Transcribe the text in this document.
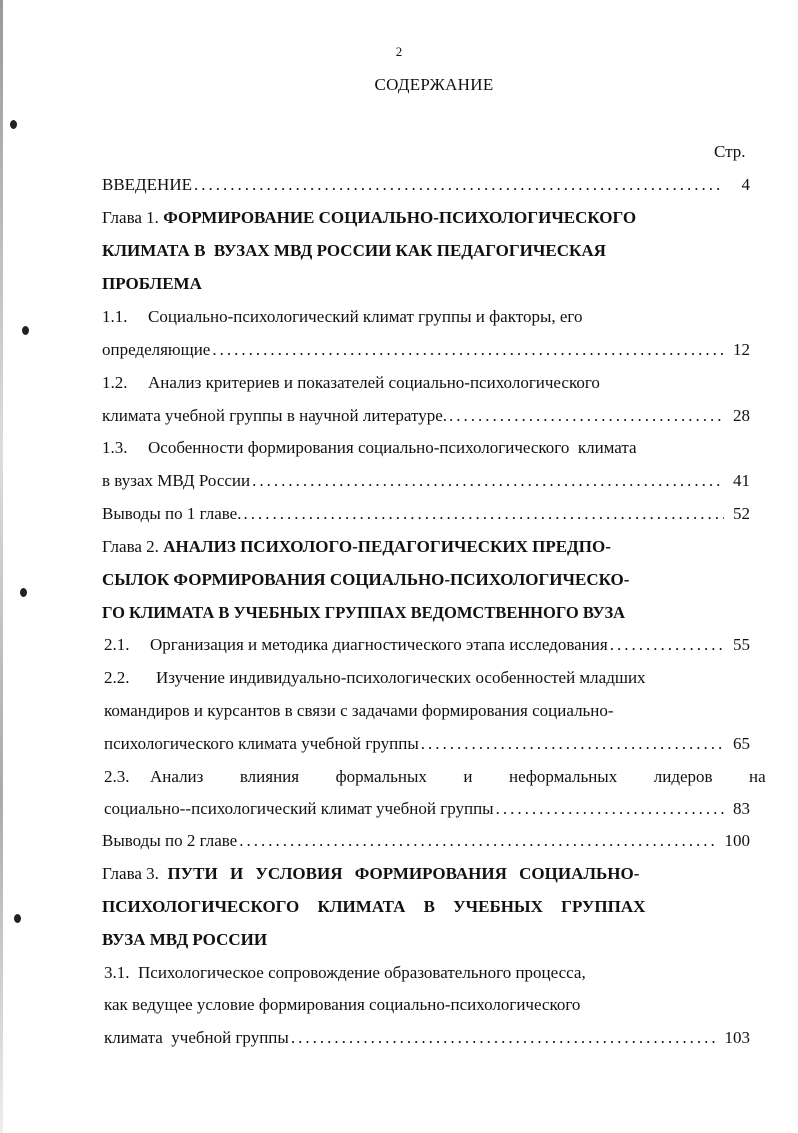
2
СОДЕРЖАНИЕ
Стр.
ВВЕДЕНИЕ .....	4
Глава 1.
ФОРМИРОВАНИЕ СОЦИАЛЬНО-ПСИХОЛОГИЧЕСКОГО
КЛИМАТА В  ВУЗАХ МВД РОССИИ КАК ПЕДАГОГИЧЕСКАЯ
ПРОБЛЕМА
1.1.	Социально-психологический климат группы и факторы, его
определяющие .....	12
1.2.	Анализ критериев и показателей социально-психологического
климата учебной группы в научной литературе. .....	28
1.3.	Особенности формирования социально-психологического  климата
в вузах МВД России .....	41
Выводы по 1 главе. .....	52
Глава 2.
АНАЛИЗ ПСИХОЛОГО-ПЕДАГОГИЧЕСКИХ ПРЕДПО-
СЫЛОК ФОРМИРОВАНИЯ СОЦИАЛЬНО-ПСИХОЛОГИЧЕСКО-
ГО КЛИМАТА В УЧЕБНЫХ ГРУППАХ ВЕДОМСТВЕННОГО ВУЗА
2.1.	Организация и методика диагностического этапа исследования .....	55
2.2.	Изучение индивидуально-психологических особенностей младших
командиров и курсантов в связи с задачами формирования социально-
психологического климата учебной группы .....	65
2.3.	Анализ  влияния  формальных  и  неформальных  лидеров  на
социально--психологический климат учебной группы .....	83
Выводы по 2 главе .....	100
Глава 3.
ПУТИ И УСЛОВИЯ ФОРМИРОВАНИЯ СОЦИАЛЬНО-
ПСИХОЛОГИЧЕСКОГО КЛИМАТА В УЧЕБНЫХ ГРУППАХ
ВУЗА МВД РОССИИ
3.1. Психологическое сопровождение образовательного процесса,
как ведущее условие формирования социально-психологического
климата  учебной группы .....	103
